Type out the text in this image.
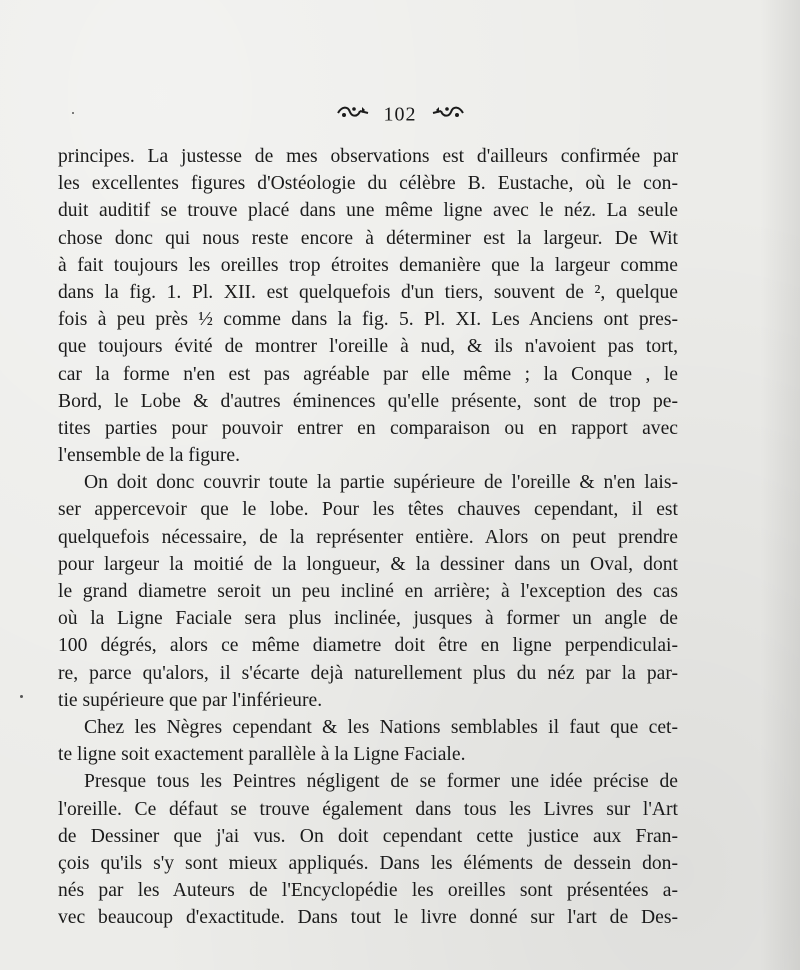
102
principes. La justesse de mes observations est d'ailleurs confirmée par
les excellentes figures d'Ostéologie du célèbre B. Eustache, où le con-
duit auditif se trouve placé dans une même ligne avec le néz. La seule
chose donc qui nous reste encore à déterminer est la largeur. De Wit
à fait toujours les oreilles trop étroites demanière que la largeur comme
dans la fig. 1. Pl. XII. est quelquefois d'un tiers, souvent de ², quelque
fois à peu près ½ comme dans la fig. 5. Pl. XI. Les Anciens ont pres-
que toujours évité de montrer l'oreille à nud, & ils n'avoient pas tort,
car la forme n'en est pas agréable par elle même ; la Conque , le
Bord, le Lobe & d'autres éminences qu'elle présente, sont de trop pe-
tites parties pour pouvoir entrer en comparaison ou en rapport avec
l'ensemble de la figure.
On doit donc couvrir toute la partie supérieure de l'oreille & n'en lais-
ser appercevoir que le lobe. Pour les têtes chauves cependant, il est
quelquefois nécessaire, de la représenter entière. Alors on peut prendre
pour largeur la moitié de la longueur, & la dessiner dans un Oval, dont
le grand diametre seroit un peu incliné en arrière; à l'exception des cas
où la Ligne Faciale sera plus inclinée, jusques à former un angle de
100 dégrés, alors ce même diametre doit être en ligne perpendiculai-
re, parce qu'alors, il s'écarte dejà naturellement plus du néz par la par-
tie supérieure que par l'inférieure.
Chez les Nègres cependant & les Nations semblables il faut que cet-
te ligne soit exactement parallèle à la Ligne Faciale.
Presque tous les Peintres négligent de se former une idée précise de
l'oreille. Ce défaut se trouve également dans tous les Livres sur l'Art
de Dessiner que j'ai vus. On doit cependant cette justice aux Fran-
çois qu'ils s'y sont mieux appliqués. Dans les éléments de dessein don-
nés par les Auteurs de l'Encyclopédie les oreilles sont présentées a-
vec beaucoup d'exactitude. Dans tout le livre donné sur l'art de Des-
